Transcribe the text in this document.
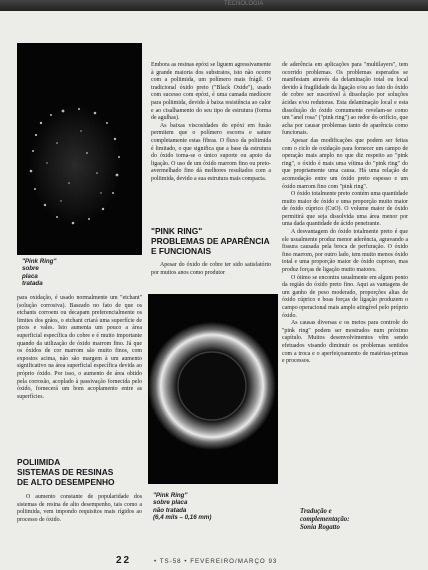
TECNOLOGIA
"Pink Ring"
sobre
placa
tratada

para oxidação, é usado normalmente um "etchant" (solução corrosiva). Baseado no fato de que os etchants corroem ou decapam preferencialmente os limites dos grãos, o etchant criará uma superfície de picos e vales. Isto aumenta um pouco a área superficial específica do cobre e é muito importante quando da utilização de óxido marrom fino. Já que os óxidos de cor marrom são muito finos, com expostos acima, não são margem à um aumento significativo na área superficial específica devida ao próprio óxido. Por isso, o aumento de área obtido pela corrosão, acoplado à passivação fornecida pelo óxido, fornecerá um bom acoplamento entre as superfícies.

POLIIMIDA
SISTEMAS DE RESINAS
DE ALTO DESEMPENHO

O aumento constante de popularidade dos sistemas de resina de alto desempenho, tais como a poliimida, vem impondo requisitos mais rígidos ao processo de óxido.

Embora as resinas epóxi se liguem agressivamente à grande maioria dos substratos, isto não ocorre com a poliimida, um polímero mais frágil. O tradicional óxido preto ("Black Oxide"), usado com sucesso com epóxi, é uma camada medíocre para poliimida, devido à baixa resistência ao calor e ao cisalhamento do seu tipo de estrutura (forma de agulhas).

As baixas viscosidades do epóxi em fusão permitem que o polímero escorra e sature completamente estas fibras. O fluxo da poliimida é limitado, o que significa que a base da estrutura do óxido torna-se o único suporte ou apoio da ligação. O uso de um óxido marrom fino ou preto-avermelhado fino dá melhores resultados com a poliimida, devido a sua estrutura mais compacta.

"PINK RING"
PROBLEMAS DE APARÊNCIA
E FUNCIONAIS

Apesar do óxido de cobre ter sido satisfatório por muitos anos como produtor

"Pink Ring"
sobre placa
não tratada
(6,4 mils – 0,16 mm)

de aderência em aplicações para "multilayers", tem ocorrido problemas. Os problemas esperados se manifestam através da delaminação total ou local devido à fragilidade da ligação e/ou ao fato do óxido de cobre ser suscetível à dissolução por soluções ácidas e/ou redutoras. Esta delaminação local e esta dissolução do óxido comumente revelam-se como um "anel rosa" ("pink ring") ao redor do orifício, que acha por causar problemas tanto de aparência como funcionais.

Apesar das modificações que podem ser feitas com o ciclo de oxidação para fornecer um campo de operação mais amplo no que diz respeito ao "pink ring", o óxido é mais uma vítima do "pink ring" do que propriamente uma causa. Há uma relação de acomodação entre um óxido preto espesso e um óxido marrom fino com "pink ring".

O óxido totalmente preto contém uma quantidade muito maior de óxido e uma proporção muito maior de óxido cúprico (CuO). O volume maior de óxido permitirá que seja dissolvida uma área menor por uma dada quantidade de ácido penetrante.

A desvantagem do óxido totalmente preto é que ele usualmente produz menor aderência, agravando a fissura causada pela broca de perfuração. O óxido fino marrom, por outro lado, tem muito menos óxido total e uma proporção maior de óxido cuproso, mas produz forças de ligação muito maiores.

O ótimo se encontra usualmente em algum ponto da região do óxido preto fino. Aqui as vantagens de um ganho de peso moderado, proporções altas de óxido cúprico e boas forças de ligação produzem o campo operacional mais amplo atingível pelo próprio óxido.

As causas diversas e os meios para controle do "pink ring" podem ser mostrados num próximo capítulo. Muitos desenvolvimentos vêm sendo efetuados visando diminuir os problemas sentidos com a troca e o aperfeiçoamento de matérias-primas e processos.

Tradução e
complementação:
Sonia Rogatto
22	• TS-58 • FEVEREIRO/MARÇO 93
